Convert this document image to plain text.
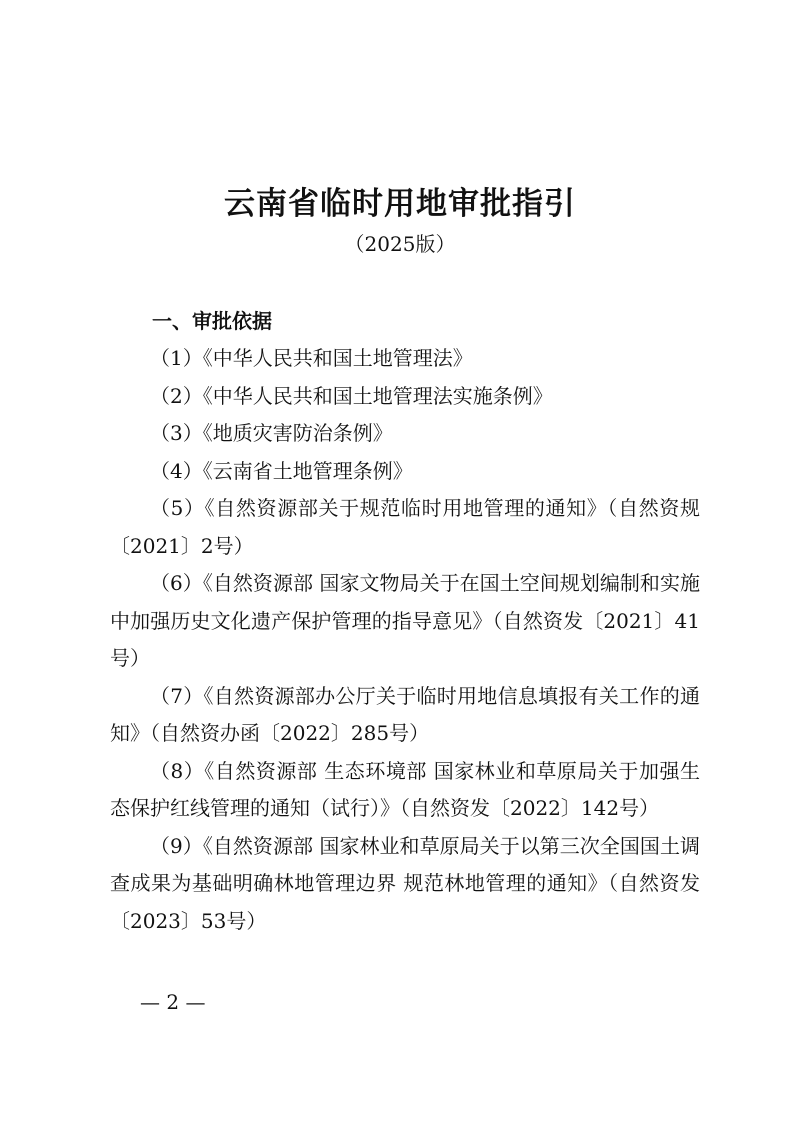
云南省临时用地审批指引
（2025版）
一、审批依据

（1）《中华人民共和国土地管理法》

（2）《中华人民共和国土地管理法实施条例》

（3）《地质灾害防治条例》

（4）《云南省土地管理条例》

（5）《自然资源部关于规范临时用地管理的通知》（自然资规〔2021〕2号）

（6）《自然资源部 国家文物局关于在国土空间规划编制和实施中加强历史文化遗产保护管理的指导意见》（自然资发〔2021〕41号）

（7）《自然资源部办公厅关于临时用地信息填报有关工作的通知》（自然资办函〔2022〕285号）

（8）《自然资源部 生态环境部 国家林业和草原局关于加强生态保护红线管理的通知（试行）》（自然资发〔2022〕142号）

（9）《自然资源部 国家林业和草原局关于以第三次全国国土调查成果为基础明确林地管理边界 规范林地管理的通知》（自然资发〔2023〕53号）

— 2 —
